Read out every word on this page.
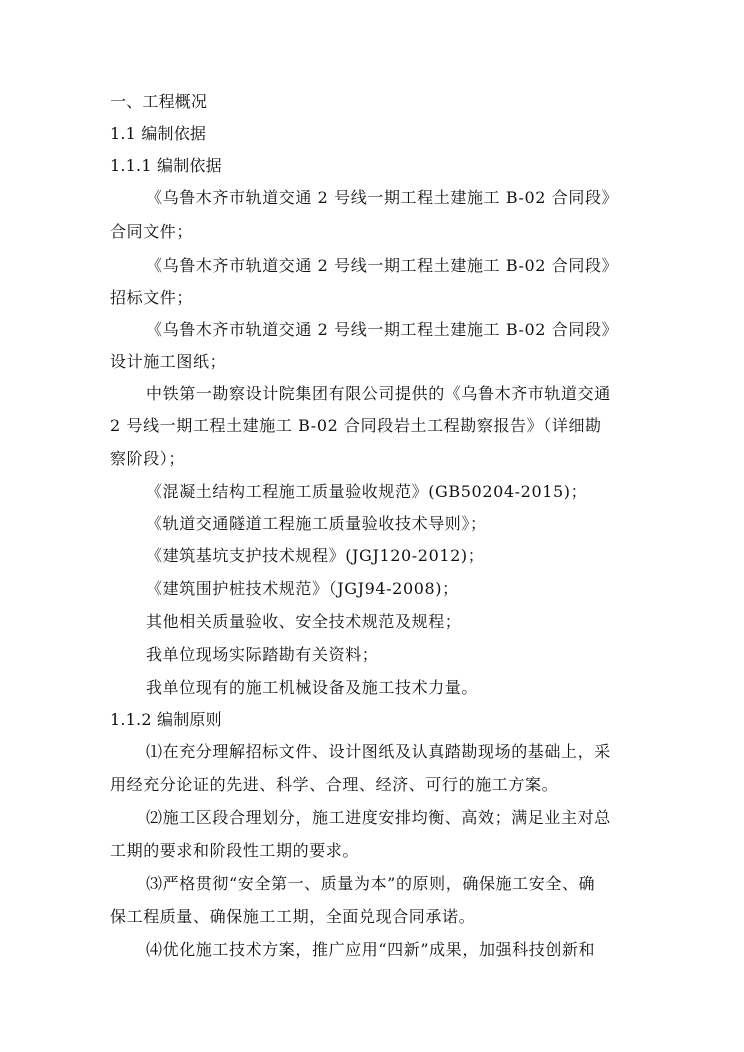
一、工程概况
1.1 编制依据
1.1.1 编制依据
《乌鲁木齐市轨道交通 2 号线一期工程土建施工 B-02 合同段》
合同文件；
《乌鲁木齐市轨道交通 2 号线一期工程土建施工 B-02 合同段》
招标文件；
《乌鲁木齐市轨道交通 2 号线一期工程土建施工 B-02 合同段》
设计施工图纸；
中铁第一勘察设计院集团有限公司提供的《乌鲁木齐市轨道交通
2 号线一期工程土建施工 B-02 合同段岩土工程勘察报告》（详细勘
察阶段）；
《混凝土结构工程施工质量验收规范》(GB50204-2015)；
《轨道交通隧道工程施工质量验收技术导则》；
《建筑基坑支护技术规程》(JGJ120-2012)；
《建筑围护桩技术规范》（JGJ94-2008)；
其他相关质量验收、安全技术规范及规程；
我单位现场实际踏勘有关资料；
我单位现有的施工机械设备及施工技术力量。
1.1.2 编制原则
⑴在充分理解招标文件、设计图纸及认真踏勘现场的基础上，采
用经充分论证的先进、科学、合理、经济、可行的施工方案。
⑵施工区段合理划分，施工进度安排均衡、高效；满足业主对总
工期的要求和阶段性工期的要求。
⑶严格贯彻“安全第一、质量为本”的原则，确保施工安全、确
保工程质量、确保施工工期，全面兑现合同承诺。
⑷优化施工技术方案，推广应用“四新”成果，加强科技创新和
